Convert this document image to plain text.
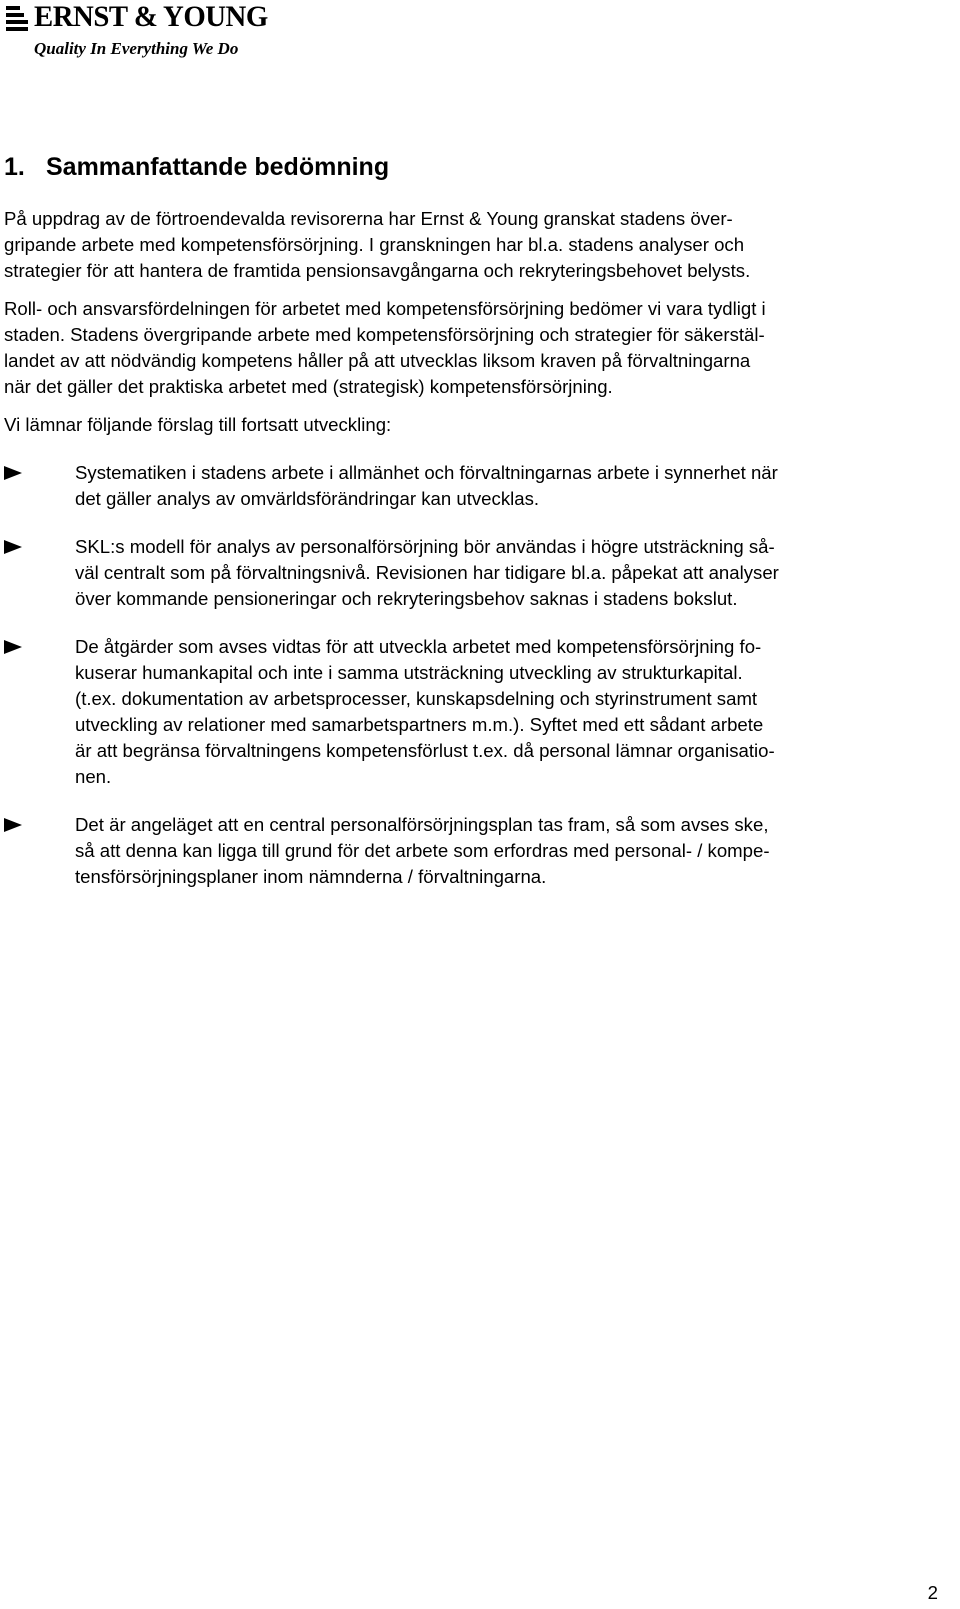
ERNST & YOUNG
Quality In Everything We Do
1. Sammanfattande bedömning

På uppdrag av de förtroendevalda revisorerna har Ernst & Young granskat stadens över-

gripande arbete med kompetensförsörjning. I granskningen har bl.a. stadens analyser och

strategier för att hantera de framtida pensionsavgångarna och rekryteringsbehovet belysts.

Roll- och ansvarsfördelningen för arbetet med kompetensförsörjning bedömer vi vara tydligt i

staden. Stadens övergripande arbete med kompetensförsörjning och strategier för säkerstäl-

landet av att nödvändig kompetens håller på att utvecklas liksom kraven på förvaltningarna

när det gäller det praktiska arbetet med (strategisk) kompetensförsörjning.

Vi lämnar följande förslag till fortsatt utveckling:

Systematiken i stadens arbete i allmänhet och förvaltningarnas arbete i synnerhet när

det gäller analys av omvärldsförändringar kan utvecklas.

SKL:s modell för analys av personalförsörjning bör användas i högre utsträckning så-

väl centralt som på förvaltningsnivå. Revisionen har tidigare bl.a. påpekat att analyser

över kommande pensioneringar och rekryteringsbehov saknas i stadens bokslut.

De åtgärder som avses vidtas för att utveckla arbetet med kompetensförsörjning fo-

kuserar humankapital och inte i samma utsträckning utveckling av strukturkapital.

(t.ex. dokumentation av arbetsprocesser, kunskapsdelning och styrinstrument samt

utveckling av relationer med samarbetspartners m.m.). Syftet med ett sådant arbete

är att begränsa förvaltningens kompetensförlust t.ex. då personal lämnar organisatio-

nen.

Det är angeläget att en central personalförsörjningsplan tas fram, så som avses ske,

så att denna kan ligga till grund för det arbete som erfordras med personal- / kompe-

tensförsörjningsplaner inom nämnderna / förvaltningarna.

2
